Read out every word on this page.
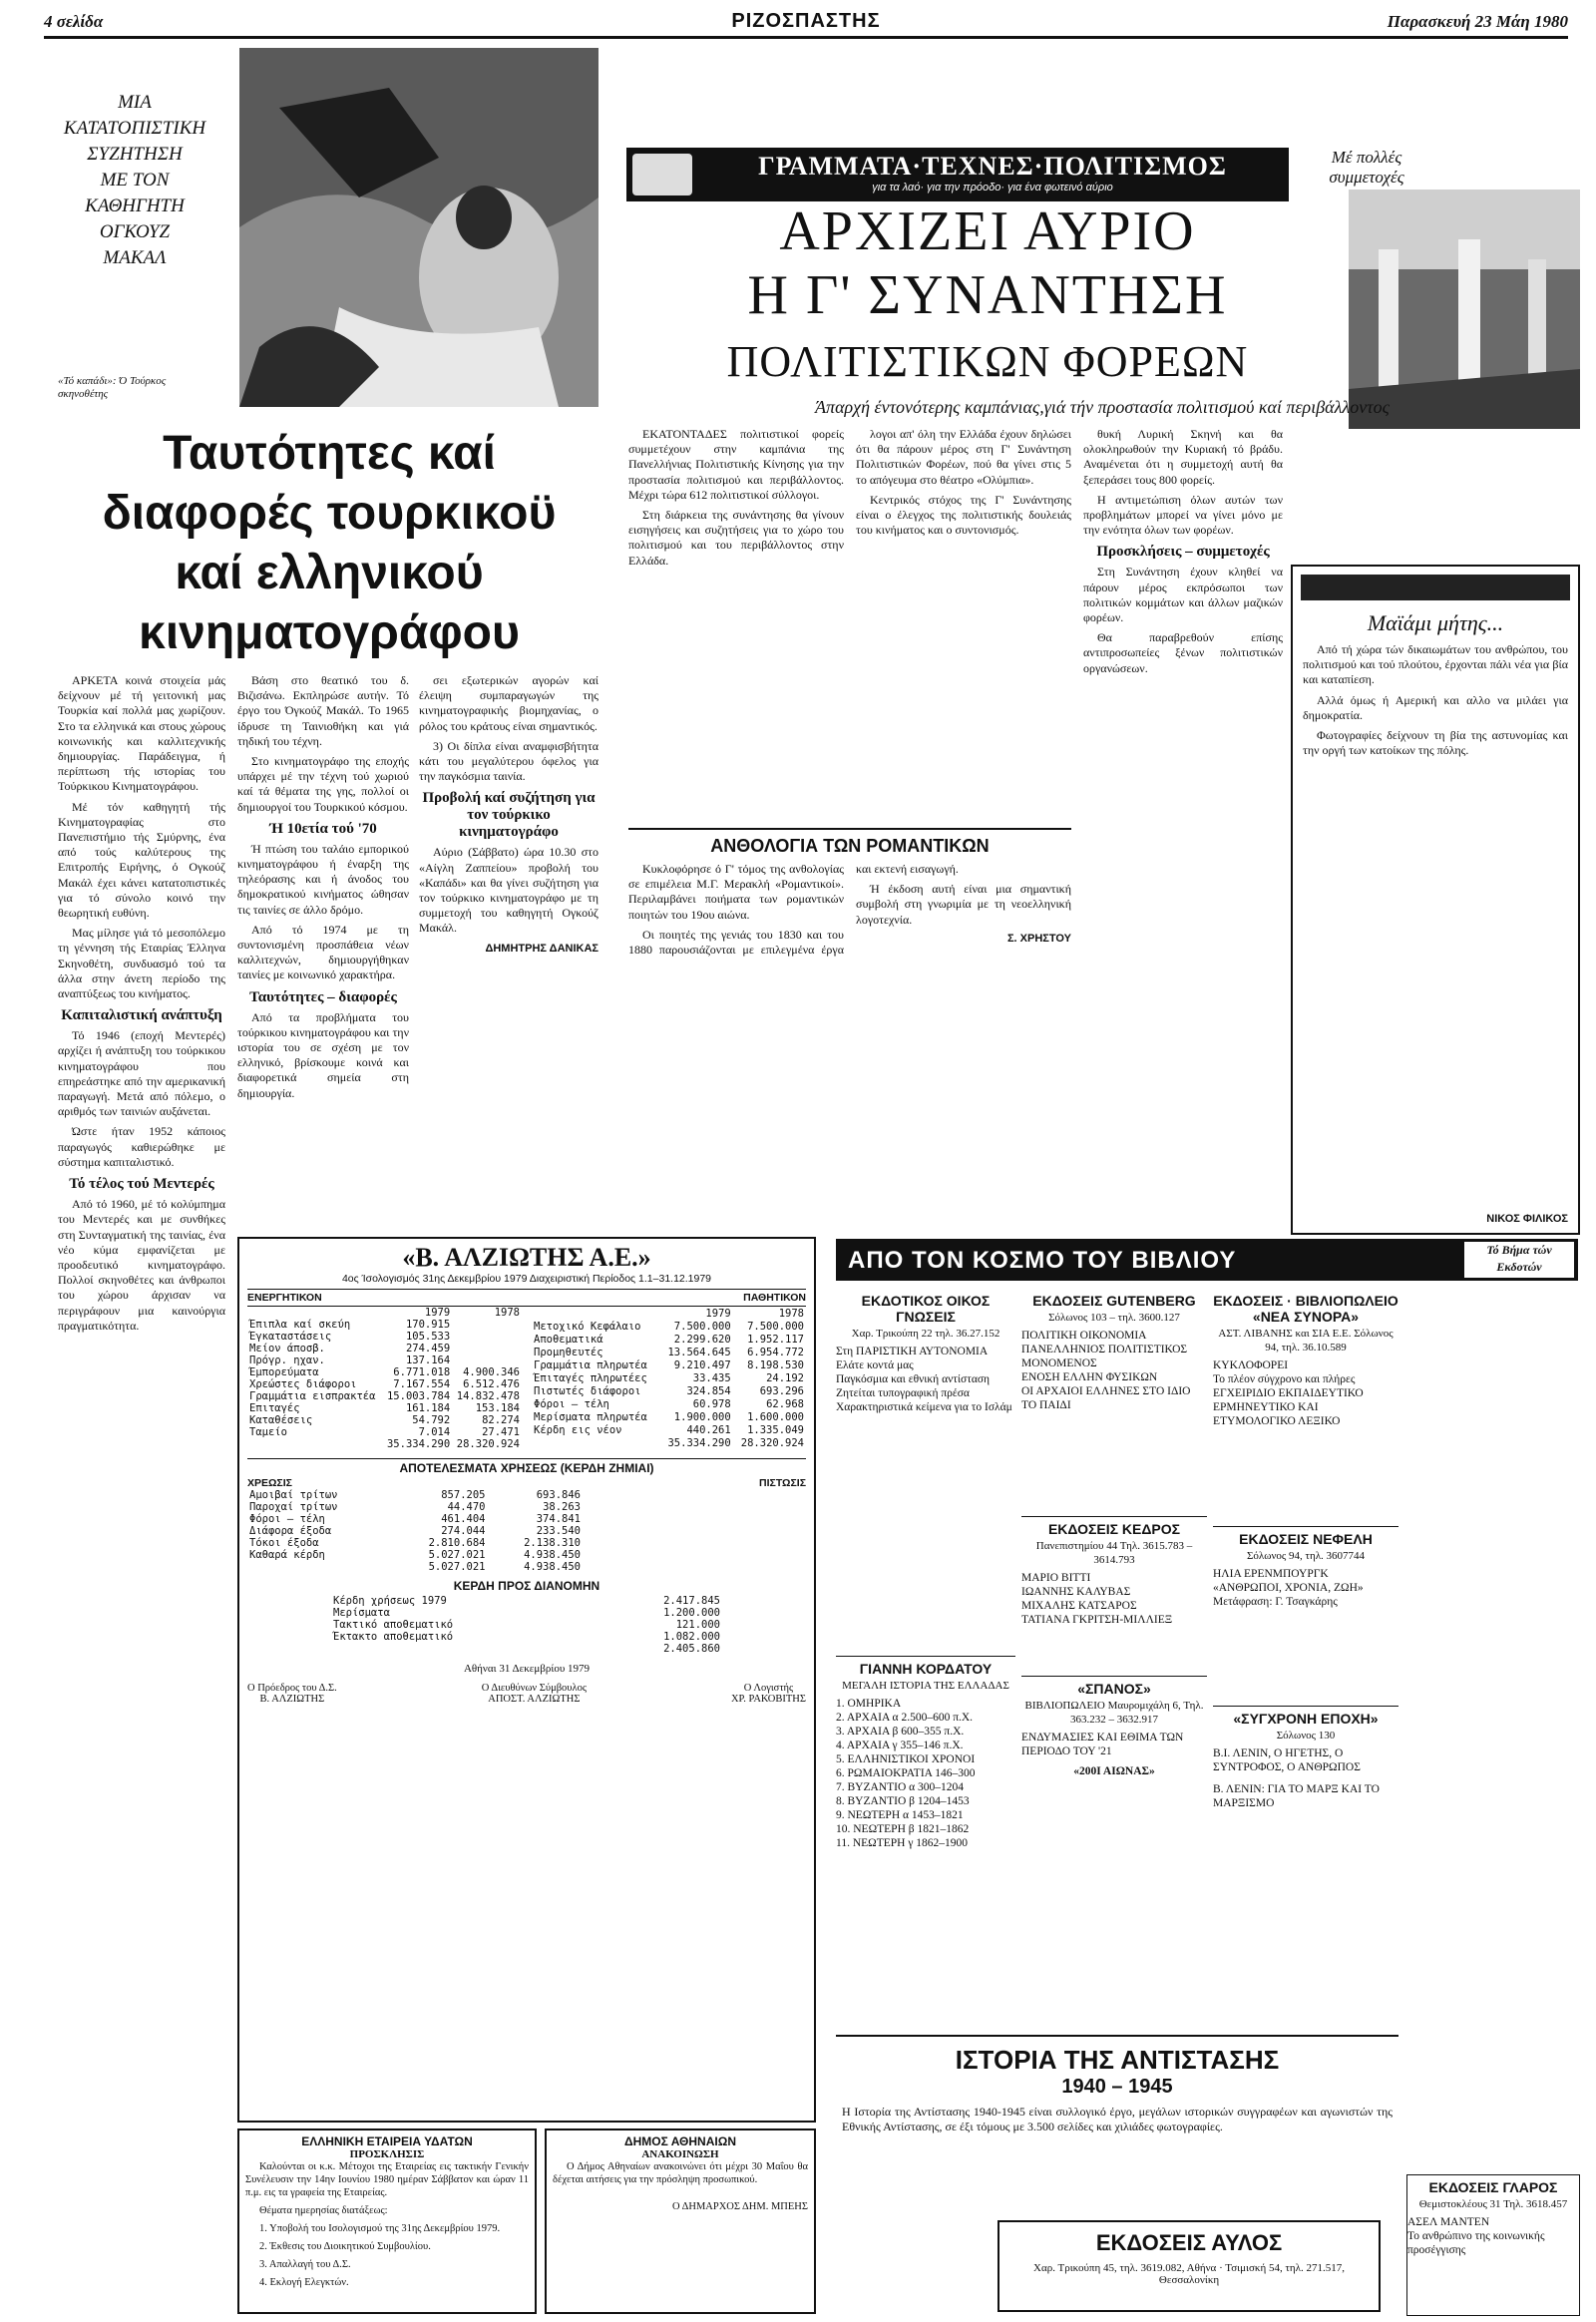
4 σελίδα	ΡΙΖΟΣΠΑΣΤΗΣ	Παρασκευή 23 Μάη 1980
ΜΙΑ
ΚΑΤΑΤΟΠΙΣΤΙΚΗ
ΣΥΖΗΤΗΣΗ
ΜΕ ΤΟΝ
ΚΑΘΗΓΗΤΗ
ΟΓΚΟΥΖ
ΜΑΚΑΛ
«Τό καπάδι»: Ό Τούρκος σκηνοθέτης
Ταυτότητες καί
διαφορές τουρκικοϋ
καί ελληνικού
κινηματογράφου

ΑΡΚΕΤΑ κοινά στοιχεία μάς δείχνουν μέ τή γειτονική μας Τουρκία καί πολλά μας χωρίζουν. Στο τα ελληνικά και στους χώρους κοινωνικής και καλλιτεχνικής δημιουργίας. Παράδειγμα, ή περίπτωση τής ιστορίας του Τούρκικου Κινηματογράφου.

Μέ τόν καθηγητή τής Κινηματογραφίας στο Πανεπιστήμιο τής Σμύρνης, ένα από τούς καλύτερους της Επιτροπής Ειρήνης, ό Ογκούζ Μακάλ έχει κάνει κατατοπιστικές για τό σύνολο κοινό την θεωρητική ευθύνη.

Μας μίλησε γιά τό μεσοπόλεμο τη γέννηση τής Εταιρίας Έλληνα Σκηνοθέτη, συνδυασμό τού τα άλλα στην άνετη περίοδο της αναπτύξεως του κινήματος.

Καπιταλιστική ανάπτυξη

Τό 1946 (εποχή Μεντερές) αρχίζει ή ανάπτυξη του τούρκικου κινηματογράφου που επηρεάστηκε από την αμερικανική παραγωγή. Μετά από πόλεμο, ο αριθμός των ταινιών αυξάνεται.

Ώστε ήταν 1952 κάποιος παραγωγός καθιερώθηκε με σύστημα καπιταλιστικό.

Τό τέλος τού Μεντερές

Από τό 1960, μέ τό κολύμπημα του Μεντερές και με συνθήκες στη Συνταγματική της ταινίας, ένα νέο κύμα εμφανίζεται με προοδευτικό κινηματογράφο. Πολλοί σκηνοθέτες και άνθρωποι του χώρου άρχισαν να περιγράφουν μια καινούργια πραγματικότητα.

Βάση στο θεατικό του δ. Βιζισάνω. Εκπληρώσε αυτήν. Τό έργο του Όγκούζ Μακάλ. Το 1965 ίδρυσε τη Ταινιοθήκη και γιά τηδική του τέχνη.

Στο κινηματογράφο της εποχής υπάρχει μέ την τέχνη τού χωριού καί τά θέματα της γης, πολλοί οι δημιουργοί του Τουρκικού κόσμου.

Ή 10ετία τού '70

Ή πτώση του ταλάιο εμπορικού κινηματογράφου ή έναρξη της τηλεόρασης και ή άνοδος του δημοκρατικού κινήματος ώθησαν τις ταινίες σε άλλο δρόμο.

Από τό 1974 με τη συντονισμένη προσπάθεια νέων καλλιτεχνών, δημιουργήθηκαν ταινίες με κοινωνικό χαρακτήρα.

Ταυτότητες – διαφορές

Από τα προβλήματα του τούρκικου κινηματογράφου και την ιστορία του σε σχέση με τον ελληνικό, βρίσκουμε κοινά και διαφορετικά σημεία στη δημιουργία.

σει εξωτερικών αγορών καί έλειψη συμπαραγωγών της κινηματογραφικής βιομηχανίας, ο ρόλος του κράτους είναι σημαντικός.

3) Οι δίπλα είναι αναμφισβήτητα κάτι του μεγαλύτερου όφελος για την παγκόσμια ταινία.

Προβολή καί συζήτηση για τον τούρκικο κινηματογράφο

Αύριο (Σάββατο) ώρα 10.30 στο «Αίγλη Ζαππείου» προβολή του «Καπάδι» και θα γίνει συζήτηση για τον τούρκικο κινηματογράφο με τη συμμετοχή του καθηγητή Ογκούζ Μακάλ.

ΔΗΜΗΤΡΗΣ ΔΑΝΙΚΑΣ
ΓΡΑΜΜΑΤΑ·ΤΕΧΝΕΣ·ΠΟΛΙΤΙΣΜΟΣ
για τα λαό· για την πρόοδο· για ένα φωτεινό αύριο
Μέ πολλές συμμετοχές
ΑΡΧΙΖΕΙ ΑΥΡΙΟ
Η Γ' ΣΥΝΑΝΤΗΣΗ
ΠΟΛΙΤΙΣΤΙΚΩΝ ΦΟΡΕΩΝ
Άπαρχή έντονότερης καμπάνιας,γιά τήν προστασία πολιτισμού καί περιβάλλοντος

ΕΚΑΤΟΝΤΑΔΕΣ πολιτιστικοί φορείς συμμετέχουν στην καμπάνια της Πανελλήνιας Πολιτιστικής Κίνησης για την προστασία πολιτισμού και περιβάλλοντος. Μέχρι τώρα 612 πολιτιστικοί σύλλογοι.

Στη διάρκεια της συνάντησης θα γίνουν εισηγήσεις και συζητήσεις για το χώρο του πολιτισμού και του περιβάλλοντος στην Ελλάδα.

λογοι απ' όλη την Ελλάδα έχουν δηλώσει ότι θα πάρουν μέρος στη Γ' Συνάντηση Πολιτιστικών Φορέων, πού θα γίνει στις 5 το απόγευμα στο θέατρο «Ολύμπια».

Κεντρικός στόχος της Γ' Συνάντησης είναι ο έλεγχος της πολιτιστικής δουλειάς του κινήματος και ο συντονισμός.

θυκή Λυρική Σκηνή και θα ολοκληρωθούν την Κυριακή τό βράδυ. Αναμένεται ότι η συμμετοχή αυτή θα ξεπεράσει τους 800 φορείς.

Η αντιμετώπιση όλων αυτών των προβλημάτων μπορεί να γίνει μόνο με την ενότητα όλων των φορέων.

Προσκλήσεις – συμμετοχές

Στη Συνάντηση έχουν κληθεί να πάρουν μέρος εκπρόσωποι των πολιτικών κομμάτων και άλλων μαζικών φορέων.

Θα παραβρεθούν επίσης αντιπροσωπείες ξένων πολιτιστικών οργανώσεων.

ΑΝΘΟΛΟΓΙΑ ΤΩΝ ΡΟΜΑΝΤΙΚΩΝ

Κυκλοφόρησε ό Γ' τόμος της ανθολογίας σε επιμέλεια Μ.Γ. Μερακλή «Ρομαντικοί». Περιλαμβάνει ποιήματα των ρομαντικών ποιητών του 19ου αιώνα.

Οι ποιητές της γενιάς του 1830 και του 1880 παρουσιάζονται με επιλεγμένα έργα και εκτενή εισαγωγή.

Ή έκδοση αυτή είναι μια σημαντική συμβολή στη γνωριμία με τη νεοελληνική λογοτεχνία.

Σ. ΧΡΗΣΤΟΥ
Μαϊάμι μήτης...

Από τή χώρα τών δικαιωμάτων του ανθρώπου, του πολιτισμού και τού πλούτου, έρχονται πάλι νέα για βία και καταπίεση.

Αλλά όμως ή Αμερική και αλλο να μιλάει για δημοκρατία.

Φωτογραφίες δείχνουν τη βία της αστυνομίας και την οργή των κατοίκων της πόλης.

ΝΙΚΟΣ ΦΙΛΙΚΟΣ
«Β. ΑΛΖΙΩΤΗΣ Α.Ε.»
4ος Ίσολογισμός 31ης Δεκεμβρίου 1979 Διαχειριστική Περίοδος 1.1–31.12.1979
ΕΝΕΡΓΗΤΙΚΟΝ	ΠΑΘΗΤΙΚΟΝ
	1979	1978
Έπιπλα καί σκεύη	170.915	
Έγκαταστάσεις	105.533	
Μείον άποσβ.	274.459	
Πρόγρ. ηχαν.	137.164	
Έμπορεύματα	6.771.018	4.900.346
Χρεώστες διάφοροι	7.167.554	6.512.476
Γραμμάτια εισπρακτέα	15.003.784	14.832.478
Επιταγές	161.184	153.184
Καταθέσεις	54.792	82.274
Ταμείο	7.014	27.471
	35.334.290	28.320.924
	1979	1978
Μετοχικό Κεφάλαιο	7.500.000	7.500.000
Αποθεματικά	2.299.620	1.952.117
Προμηθευτές	13.564.645	6.954.772
Γραμμάτια πληρωτέα	9.210.497	8.198.530
Έπιταγές πληρωτέες	33.435	24.192
Πιστωτές διάφοροι	324.854	693.296
Φόροι – τέλη	60.978	62.968
Μερίσματα πληρωτέα	1.900.000	1.600.000
Κέρδη εις νέον	440.261	1.335.049
	35.334.290	28.320.924
ΑΠΟΤΕΛΕΣΜΑΤΑ ΧΡΗΣΕΩΣ (ΚΕΡΔΗ ΖΗΜΙΑΙ)
ΧΡΕΩΣΙΣ	ΠΙΣΤΩΣΙΣ
Αμοιβαί τρίτων	857.205	693.846
Παροχαί τρίτων	44.470	38.263
Φόροι – τέλη	461.404	374.841
Διάφορα έξοδα	274.044	233.540
Τόκοι έξοδα	2.810.684	2.138.310
Καθαρά κέρδη	5.027.021	4.938.450
	5.027.021	4.938.450
ΚΕΡΔΗ ΠΡΟΣ ΔΙΑΝΟΜΗΝ
Κέρδη χρήσεως 1979	2.417.845
Μερίσματα	1.200.000
Τακτικό αποθεματικό	121.000
Έκτακτο αποθεματικό	1.082.000
	2.405.860
Αθήναι 31 Δεκεμβρίου 1979
Ο Πρόεδρος του Δ.Σ.
Β. ΑΛΖΙΩΤΗΣ
Ο Διευθύνων Σύμβουλος
ΑΠΟΣΤ. ΑΛΖΙΩΤΗΣ
Ο Λογιστής
ΧΡ. ΡΑΚΟΒΙΤΗΣ
ΕΛΛΗΝΙΚΗ ΕΤΑΙΡΕΙΑ ΥΔΑΤΩΝ
ΠΡΟΣΚΛΗΣΙΣ

Καλούνται οι κ.κ. Μέτοχοι της Εταιρείας εις τακτικήν Γενικήν Συνέλευσιν την 14ην Ιουνίου 1980 ημέραν Σάββατον και ώραν 11 π.μ. εις τα γραφεία της Εταιρείας.

Θέματα ημερησίας διατάξεως:

1. Υποβολή του Ισολογισμού της 31ης Δεκεμβρίου 1979.

2. Έκθεσις του Διοικητικού Συμβουλίου.

3. Απαλλαγή του Δ.Σ.

4. Εκλογή Ελεγκτών.

ΔΗΜΟΣ ΑΘΗΝΑΙΩΝ
ΑΝΑΚΟΙΝΩΣΗ

Ο Δήμος Αθηναίων ανακοινώνει ότι μέχρι 30 Μαΐου θα δέχεται αιτήσεις για την πρόσληψη προσωπικού.

Ο ΔΗΜΑΡΧΟΣ ΔΗΜ. ΜΠΕΗΣ
ΑΠΟ ΤΟΝ ΚΟΣΜΟ ΤΟΥ ΒΙΒΛΙΟΥ	Τό Βήμα τών Εκδοτών
ΕΚΔΟΤΙΚΟΣ ΟΙΚΟΣ ΓΝΩΣΕΙΣ
Χαρ. Τρικούπη 22 τηλ. 36.27.152

Στη ΠΑΡΙΣΤΙΚΗ ΑΥΤΟΝΟΜΙΑ

Ελάτε κοντά μας

Παγκόσμια και εθνική αντίσταση

Ζητείται τυπογραφική πρέσα

Χαρακτηριστικά κείμενα για το Ισλάμ

ΕΚΔΟΣΕΙΣ GUTENBERG
Σόλωνος 103 – τηλ. 3600.127

ΠΟΛΙΤΙΚΗ ΟΙΚΟΝΟΜΙΑ

ΠΑΝΕΛΛΗΝΙΟΣ ΠΟΛΙΤΙΣΤΙΚΟΣ ΜΟΝΟΜΕΝΟΣ

ΕΝΟΣΗ ΕΛΛΗΝ ΦΥΣΙΚΩΝ

ΟΙ ΑΡΧΑΙΟΙ ΕΛΛΗΝΕΣ ΣΤΟ ΙΔΙΟ ΤΟ ΠΑΙΔΙ

ΕΚΔΟΣΕΙΣ · ΒΙΒΛΙΟΠΩΛΕΙΟ «ΝΕΑ ΣΥΝΟΡΑ»
ΑΣΤ. ΛΙΒΑΝΗΣ και ΣΙΑ Ε.Ε. Σόλωνος 94, τηλ. 36.10.589

ΚΥΚΛΟΦΟΡΕΙ

Το πλέον σύγχρονο και πλήρες ΕΓΧΕΙΡΙΔΙΟ ΕΚΠΑΙΔΕΥΤΙΚΟ

ΕΡΜΗΝΕΥΤΙΚΟ ΚΑΙ ΕΤΥΜΟΛΟΓΙΚΟ ΛΕΞΙΚΟ

ΓΙΑΝΝΗ ΚΟΡΔΑΤΟΥ
ΜΕΓΑΛΗ ΙΣΤΟΡΙΑ ΤΗΣ ΕΛΛΑΔΑΣ

1. ΟΜΗΡΙΚΑ

2. ΑΡΧΑΙΑ α 2.500–600 π.Χ.

3. ΑΡΧΑΙΑ β 600–355 π.Χ.

4. ΑΡΧΑΙΑ γ 355–146 π.Χ.

5. ΕΛΛΗΝΙΣΤΙΚΟΙ ΧΡΟΝΟΙ

6. ΡΩΜΑΙΟΚΡΑΤΙΑ 146–300

7. ΒΥΖΑΝΤΙΟ α 300–1204

8. ΒΥΖΑΝΤΙΟ β 1204–1453

9. ΝΕΩΤΕΡΗ α 1453–1821

10. ΝΕΩΤΕΡΗ β 1821–1862

11. ΝΕΩΤΕΡΗ γ 1862–1900

ΕΚΔΟΣΕΙΣ ΚΕΔΡΟΣ
Πανεπιστημίου 44 Τηλ. 3615.783 – 3614.793

ΜΑΡΙΟ ΒΙΤΤΙ

ΙΩΑΝΝΗΣ ΚΑΛΥΒΑΣ

ΜΙΧΑΛΗΣ ΚΑΤΣΑΡΟΣ

ΤΑΤΙΑΝΑ ΓΚΡΙΤΣΗ-ΜΙΛΛΙΕΞ

«ΣΠΑΝΟΣ»
ΒΙΒΛΙΟΠΩΛΕΙΟ Μαυρομιχάλη 6, Τηλ. 363.232 – 3632.917

ΕΝΔΥΜΑΣΙΕΣ ΚΑΙ ΕΘΙΜΑ ΤΩΝ ΠΕΡΙΟΔΟ ΤΟΥ '21

«200Ι ΑΙΩΝΑΣ»

ΕΚΔΟΣΕΙΣ ΝΕΦΕΛΗ
Σόλωνος 94, τηλ. 3607744

ΗΛΙΑ ΕΡΕΝΜΠΟΥΡΓΚ «ΑΝΘΡΩΠΟΙ, ΧΡΟΝΙΑ, ΖΩΗ» Μετάφραση: Γ. Τσαγκάρης

«ΣΥΓΧΡΟΝΗ ΕΠΟΧΗ»
Σόλωνος 130

Β.Ι. ΛΕΝΙΝ, Ο ΗΓΕΤΗΣ, Ο ΣΥΝΤΡΟΦΟΣ, Ο ΑΝΘΡΩΠΟΣ

Β. ΛΕΝΙΝ: ΓΙΑ ΤΟ ΜΑΡΞ ΚΑΙ ΤΟ ΜΑΡΞΙΣΜΟ

ΕΚΔΟΣΕΙΣ ΓΛΑΡΟΣ
Θεμιστοκλέους 31 Τηλ. 3618.457

ΑΣΕΛ ΜΑΝΤΕΝ

Το ανθρώπινο της κοινωνικής προσέγγισης

ΙΣΤΟΡΙΑ ΤΗΣ ΑΝΤΙΣΤΑΣΗΣ
1940 – 1945
Η Ιστορία της Αντίστασης 1940-1945 είναι συλλογικό έργο, μεγάλων ιστορικών συγγραφέων και αγωνιστών της Εθνικής Αντίστασης, σε έξι τόμους με 3.500 σελίδες και χιλιάδες φωτογραφίες.
ΕΚΔΟΣΕΙΣ ΑΥΛΟΣ
Χαρ. Τρικούπη 45, τηλ. 3619.082, Αθήνα · Τσιμισκή 54, τηλ. 271.517, Θεσσαλονίκη
